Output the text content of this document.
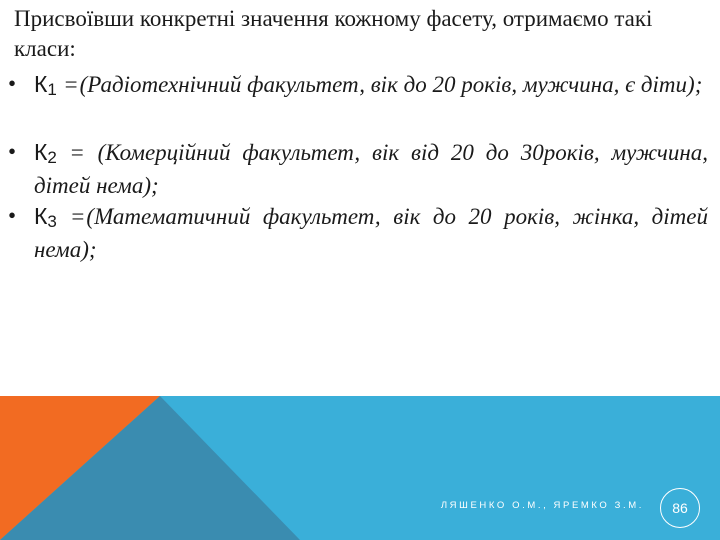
Присвоївши конкретні значення кожному фасету, отримаємо такі класи:
• $К_1$ =(Радіотехнічний факультет, вік до 20 років, мужчина, є діти);
• $К_2$ = (Комерційний факультет, вік від 20 до 30років, мужчина, дітей нема);
• $К_3$ =(Математичний факультет, вік до 20 років, жінка, дітей нема);
ЛЯШЕНКО О.М., ЯРЕМКО З.М. 86
